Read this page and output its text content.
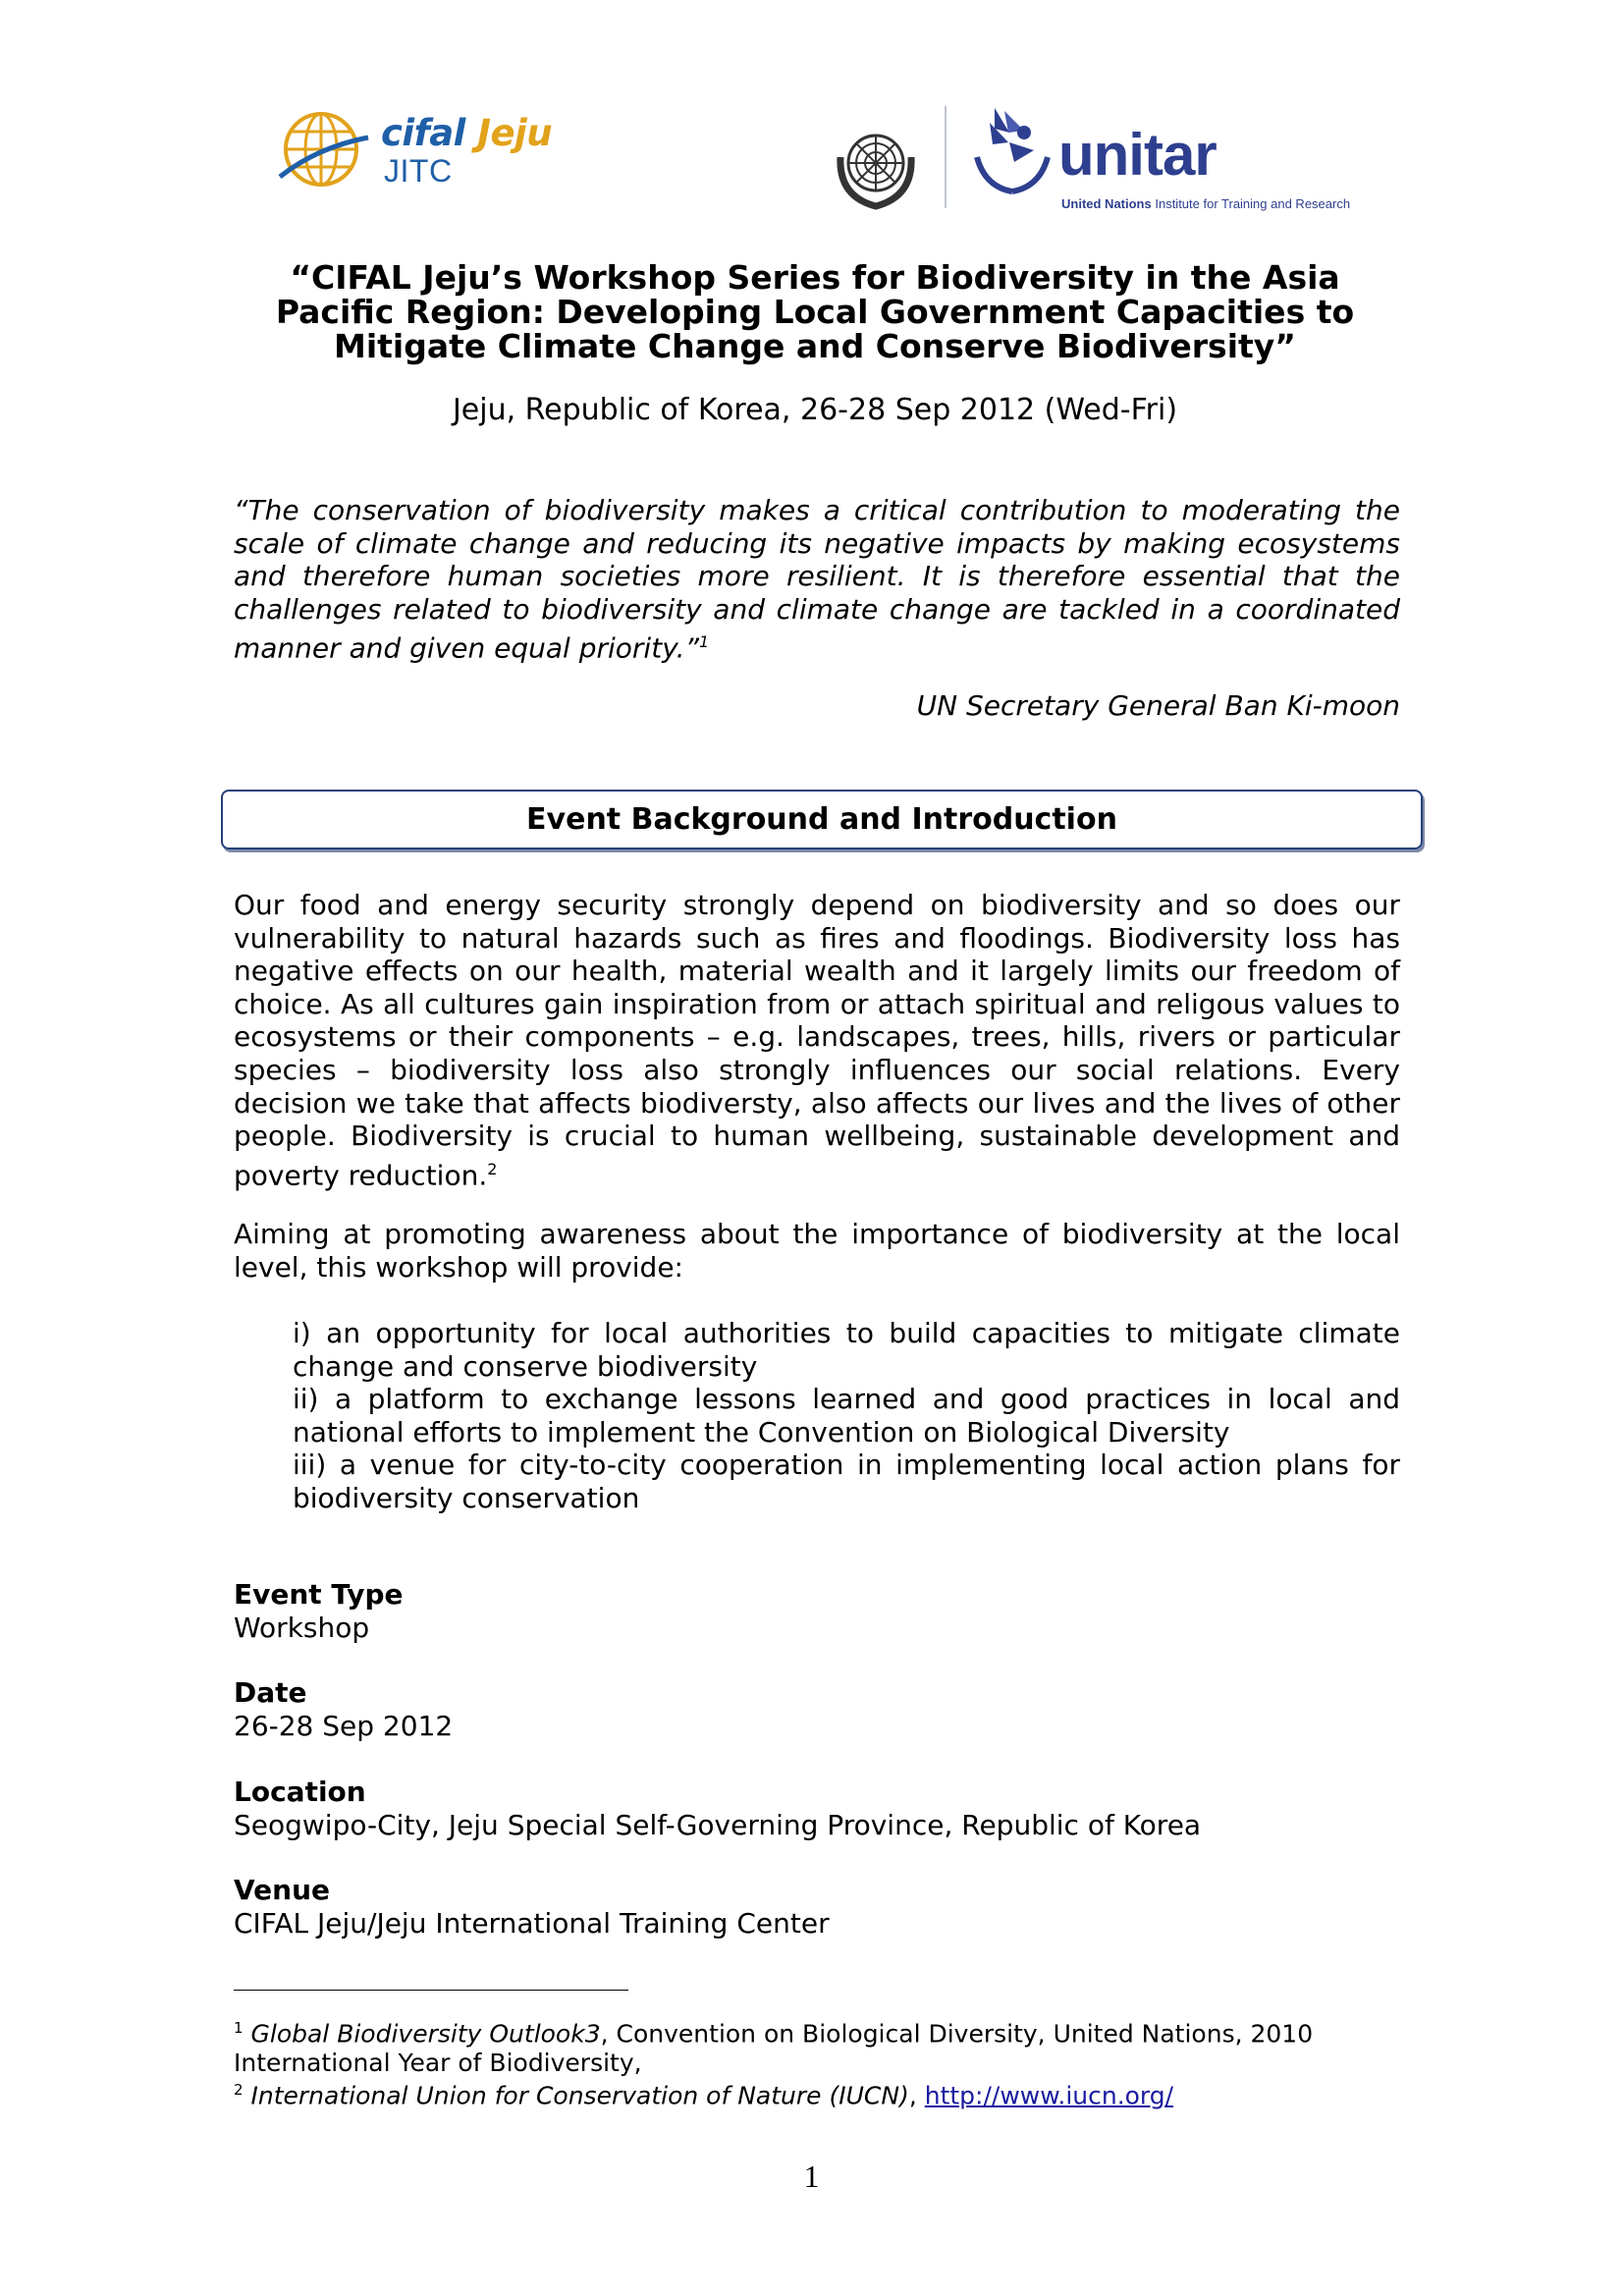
cifal Jeju
JITC	unitar
United Nations Institute for Training and Research
“CIFAL Jeju’s Workshop Series for Biodiversity in the Asia
Pacific Region: Developing Local Government Capacities to
Mitigate Climate Change and Conserve Biodiversity”
Jeju, Republic of Korea, 26-28 Sep 2012 (Wed-Fri)
“The conservation of biodiversity makes a critical contribution to moderating the scale of climate change and reducing its negative impacts by making ecosystems and therefore human societies more resilient. It is therefore essential that the challenges related to biodiversity and climate change are tackled in a coordinated manner and given equal priority.”$^1$
UN Secretary General Ban Ki-moon
Event Background and Introduction
Our food and energy security strongly depend on biodiversity and so does our vulnerability to natural hazards such as fires and floodings. Biodiversity loss has negative effects on our health, material wealth and it largely limits our freedom of choice. As all cultures gain inspiration from or attach spiritual and religous values to ecosystems or their components – e.g. landscapes, trees, hills, rivers or particular species – biodiversity loss also strongly influences our social relations. Every decision we take that affects biodiversty, also affects our lives and the lives of other people. Biodiversity is crucial to human wellbeing, sustainable development and poverty reduction.$^2$
Aiming at promoting awareness about the importance of biodiversity at the local level, this workshop will provide:

i) an opportunity for local authorities to build capacities to mitigate climate change and conserve biodiversity

ii) a platform to exchange lessons learned and good practices in local and national efforts to implement the Convention on Biological Diversity

iii) a venue for city-to-city cooperation in implementing local action plans for biodiversity conservation

Event Type
Workshop
Date
26-28 Sep 2012
Location
Seogwipo-City, Jeju Special Self-Governing Province, Republic of Korea
Venue
CIFAL Jeju/Jeju International Training Center
$^1$ Global Biodiversity Outlook3, Convention on Biological Diversity, United Nations, 2010
International Year of Biodiversity,
$^2$ International Union for Conservation of Nature (IUCN), http://www.iucn.org/
1
